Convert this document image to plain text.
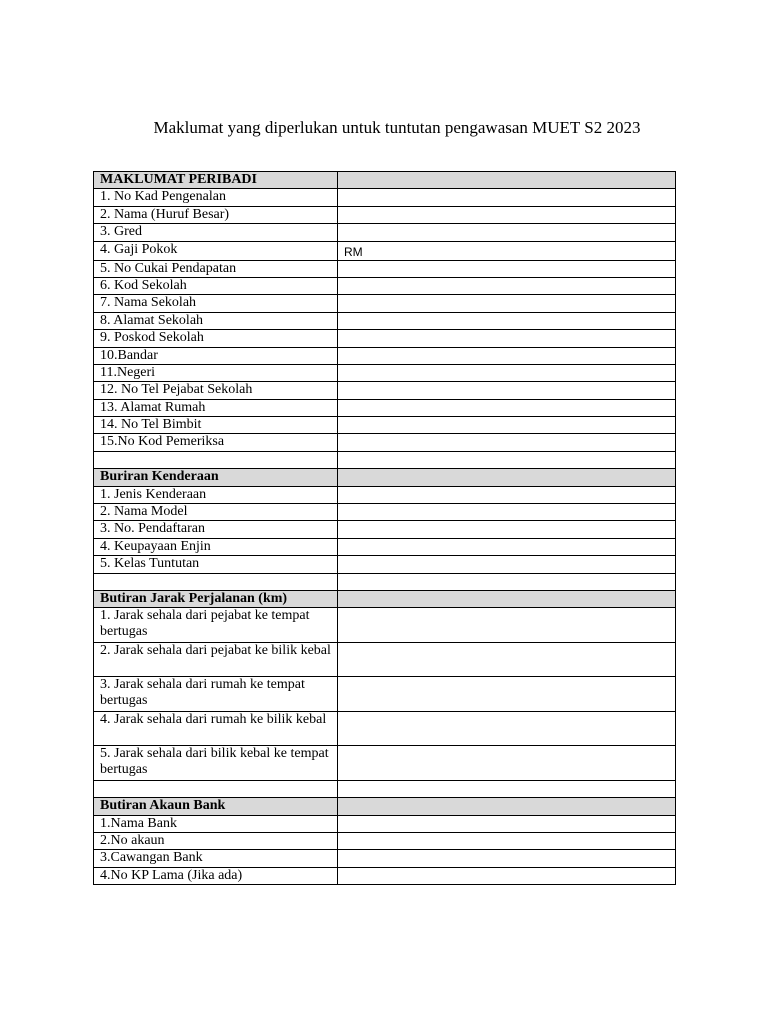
Maklumat yang diperlukan untuk tuntutan pengawasan MUET S2 2023
MAKLUMAT PERIBADI	
1. No Kad Pengenalan	
2. Nama (Huruf Besar)	
3. Gred	
4. Gaji Pokok	RM
5. No Cukai Pendapatan	
6. Kod Sekolah	
7. Nama Sekolah	
8. Alamat Sekolah	
9. Poskod Sekolah	
10.Bandar	
11.Negeri	
12. No Tel Pejabat Sekolah	
13. Alamat Rumah	
14. No Tel Bimbit	
15.No Kod Pemeriksa	

Buriran Kenderaan	
1. Jenis Kenderaan	
2. Nama Model	
3. No. Pendaftaran	
4. Keupayaan Enjin	
5. Kelas Tuntutan	

Butiran Jarak Perjalanan (km)	
1. Jarak sehala dari pejabat ke tempat bertugas	
2. Jarak sehala dari pejabat ke bilik kebal	
3. Jarak sehala dari rumah ke tempat bertugas	
4. Jarak sehala dari rumah ke bilik kebal	
5. Jarak sehala dari bilik kebal ke tempat bertugas	

Butiran Akaun Bank	
1.Nama Bank	
2.No akaun	
3.Cawangan Bank	
4.No KP Lama (Jika ada)	
